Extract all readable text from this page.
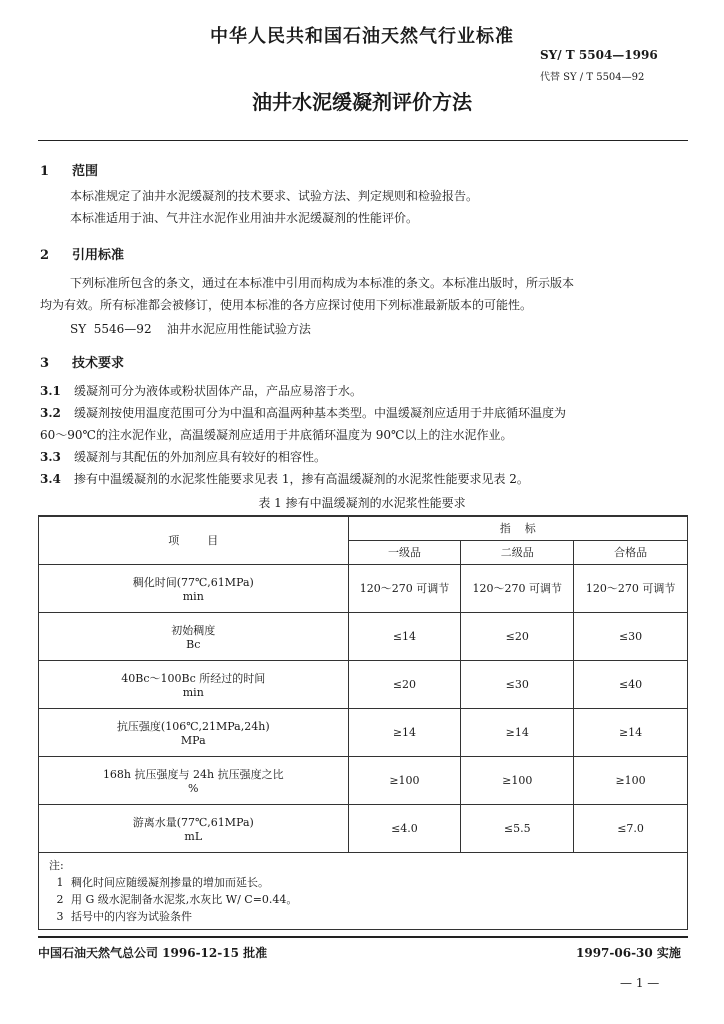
中华人民共和国石油天然气行业标准
SY/ T 5504—1996
代替 SY / T 5504—92
油井水泥缓凝剂评价方法
1 范围
本标准规定了油井水泥缓凝剂的技术要求、试验方法、判定规则和检验报告。
本标准适用于油、气井注水泥作业用油井水泥缓凝剂的性能评价。
2 引用标准
下列标准所包含的条文，通过在本标准中引用而构成为本标准的条文。本标准出版时，所示版本
均为有效。所有标准都会被修订，使用本标准的各方应探讨使用下列标准最新版本的可能性。
SY  5546—92    油井水泥应用性能试验方法
3 技术要求
3.1 缓凝剂可分为液体或粉状固体产品，产品应易溶于水。
3.2 缓凝剂按使用温度范围可分为中温和高温两种基本类型。中温缓凝剂应适用于井底循环温度为
60～90℃的注水泥作业，高温缓凝剂应适用于井底循环温度为 90℃以上的注水泥作业。
3.3 缓凝剂与其配伍的外加剂应具有较好的相容性。
3.4 掺有中温缓凝剂的水泥浆性能要求见表 1，掺有高温缓凝剂的水泥浆性能要求见表 2。
表 1 掺有中温缓凝剂的水泥浆性能要求
项        目	指    标		
	一级品	二级品	合格品

稠化时间(77℃,61MPa)
min	120～270 可调节	120～270 可调节	120～270 可调节

初始稠度
Bc	≤14	≤20	≤30

40Bc～100Bc 所经过的时间
min	≤20	≤30	≤40

抗压强度(106℃,21MPa,24h)
MPa	≥14	≥14	≥14

168h 抗压强度与 24h 抗压强度之比
%	≥100	≥100	≥100

游离水量(77℃,61MPa)
mL	≤4.0	≤5.5	≤7.0

注:
1 稠化时间应随缓凝剂掺量的增加而延长。
2 用 G 级水泥制备水泥浆,水灰比 W/ C=0.44。
3 括号中的内容为试验条件			
中国石油天然气总公司 1996-12-15 批准	1997-06-30 实施
— 1 —
